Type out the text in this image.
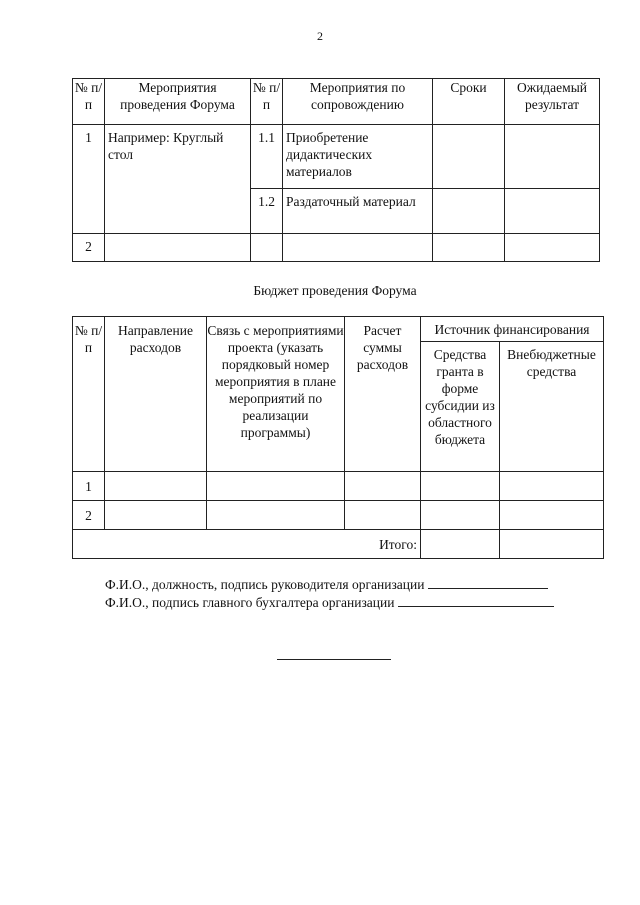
2
№ п/п	Мероприятия проведения Форума	№ п/п	Мероприятия по сопровождению	Сроки	Ожидаемый результат
1	Например: Круглый стол	1.1	Приобретение дидактических материалов		
		1.2	Раздаточный материал		
2					
Бюджет проведения Форума
№ п/п	Направление расходов	Связь с мероприятиями проекта (указать порядковый номер мероприятия в плане мероприятий по реализации программы)	Расчет суммы расходов	Источник финансирования	
				Средства гранта в форме субсидии из областного бюджета	Внебюджетные средства
1					
2					
Итого:					
Ф.И.О., должность, подпись руководителя организации
Ф.И.О., подпись главного бухгалтера организации
